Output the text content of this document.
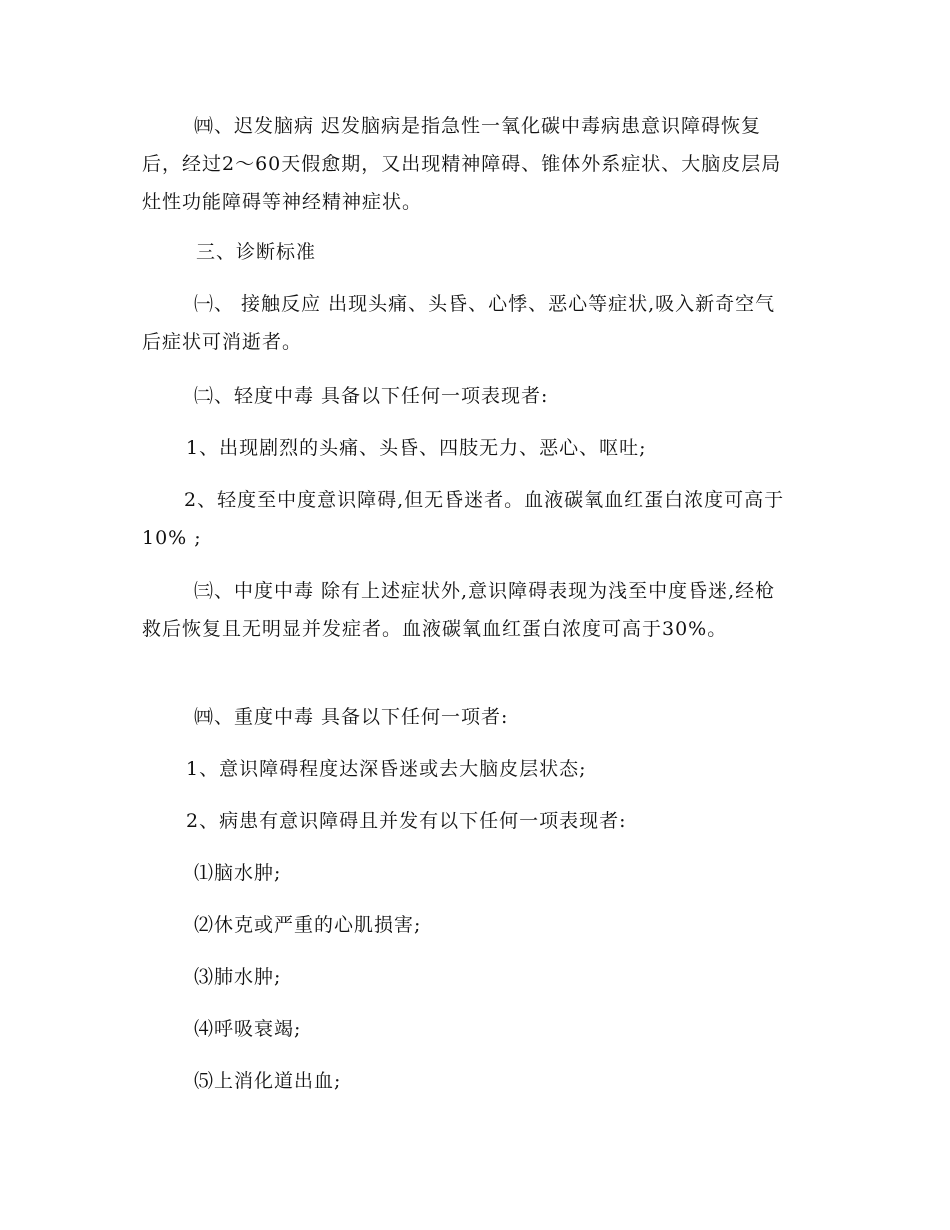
㈣、迟发脑病 迟发脑病是指急性一氧化碳中毒病患意识障碍恢复后，经过2～60天假愈期，又出现精神障碍、锥体外系症状、大脑皮层局灶性功能障碍等神经精神症状。

三、诊断标准

㈠、 接触反应 出现头痛、头昏、心悸、恶心等症状,吸入新奇空气后症状可消逝者。

㈡、轻度中毒 具备以下任何一项表现者:

1、出现剧烈的头痛、头昏、四肢无力、恶心、呕吐;

2、轻度至中度意识障碍,但无昏迷者。血液碳氧血红蛋白浓度可高于10% ;

㈢、中度中毒 除有上述症状外,意识障碍表现为浅至中度昏迷,经枪救后恢复且无明显并发症者。血液碳氧血红蛋白浓度可高于30%。

㈣、重度中毒 具备以下任何一项者:

1、意识障碍程度达深昏迷或去大脑皮层状态;

2、病患有意识障碍且并发有以下任何一项表现者:

⑴脑水肿;

⑵休克或严重的心肌损害;

⑶肺水肿;

⑷呼吸衰竭;

⑸上消化道出血;
